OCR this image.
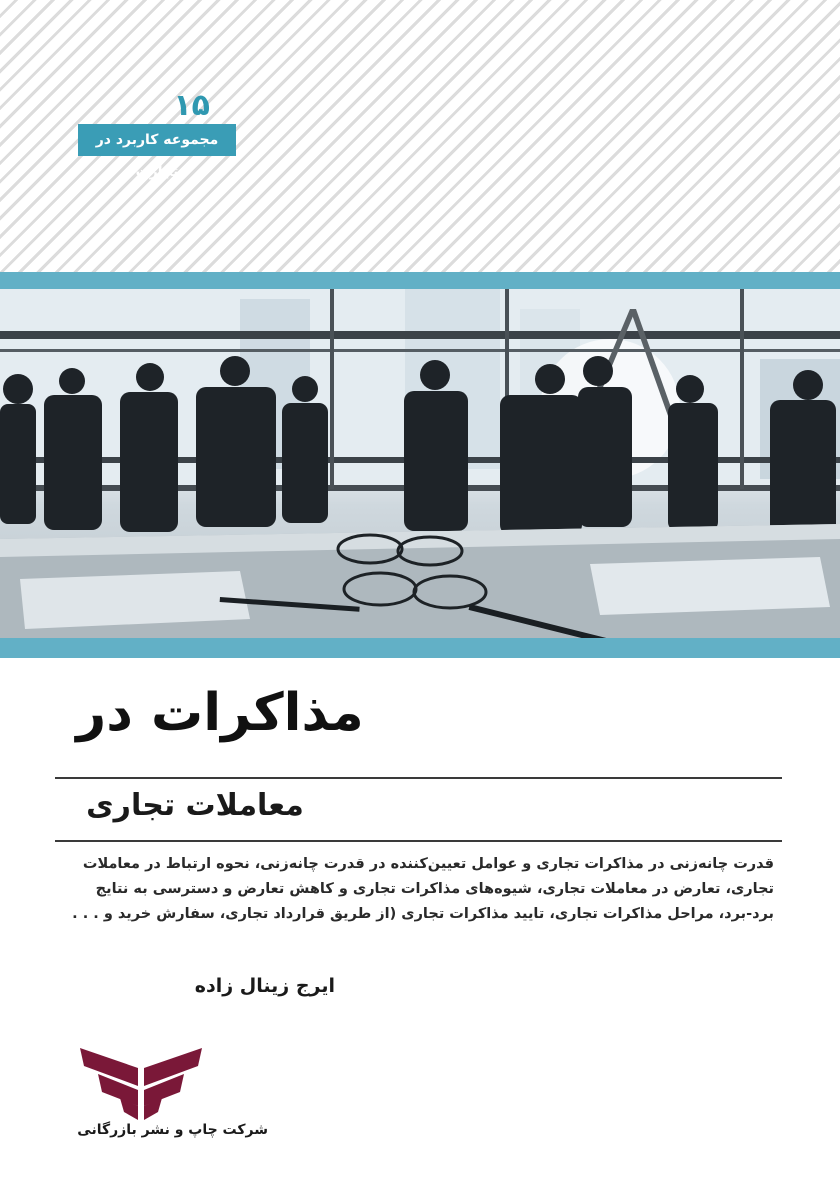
۱۵
مجموعه کاربرد در تجارت
مذاکرات در
معاملات تجاری
قدرت چانه‌زنی در مذاکرات تجاری و عوامل تعیین‌کننده در قدرت چانه‌زنی، نحوه ارتباط در معاملات
تجاری، تعارض در معاملات تجاری، شیوه‌های مذاکرات تجاری و کاهش تعارض و دسترسی به نتایج
برد-برد، مراحل مذاکرات تجاری، تایید مذاکرات تجاری (از طریق قرارداد تجاری، سفارش خرید و . . .
ایرج زینال زاده
شرکت چاپ و نشر بازرگانی
